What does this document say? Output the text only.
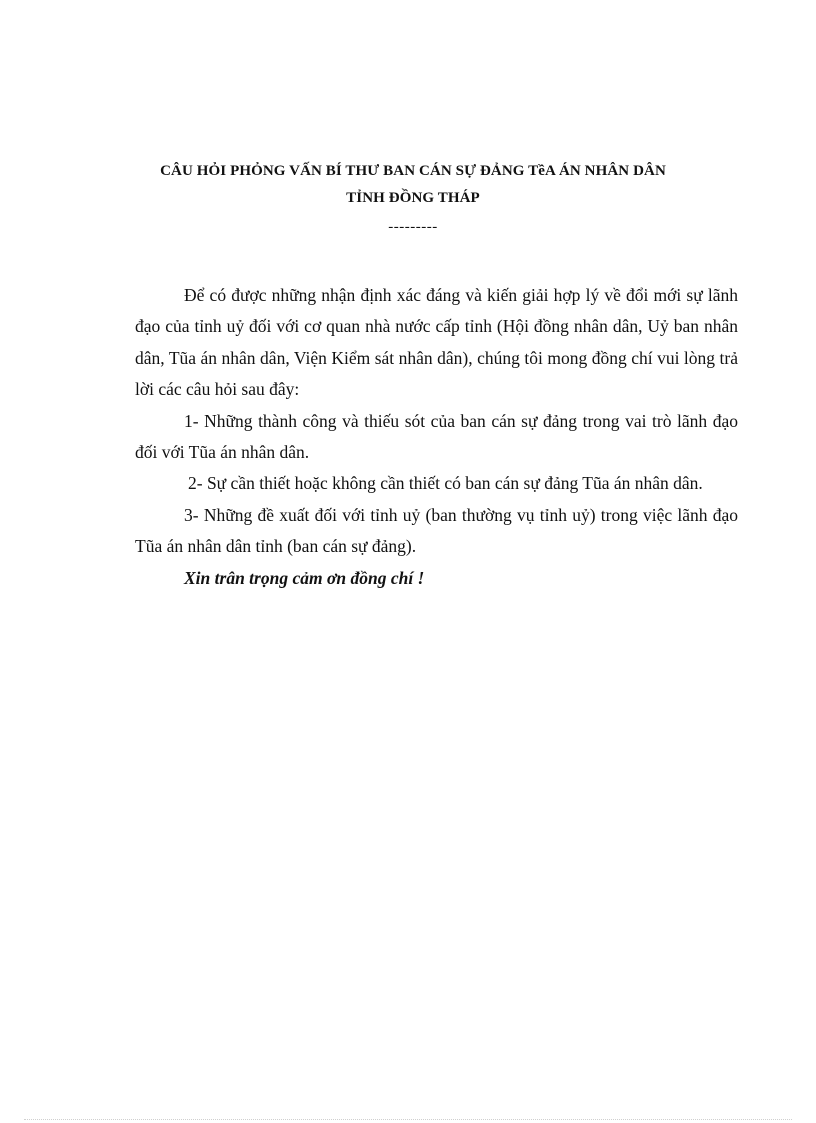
CÂU HỎI PHỎNG VẤN BÍ THƯ BAN CÁN SỰ ĐẢNG TềA ÁN NHÂN DÂN
TỈNH ĐỒNG THÁP
---------

Để có được những nhận định xác đáng và kiến giải hợp lý về đổi mới sự lãnh đạo của tỉnh uỷ đối với cơ quan nhà nước cấp tỉnh (Hội đồng nhân dân, Uỷ ban nhân dân, Tũa án nhân dân, Viện Kiểm sát nhân dân), chúng tôi mong đồng chí vui lòng trả lời các câu hỏi sau đây:

1- Những thành công và thiếu sót của ban cán sự đảng trong vai trò lãnh đạo đối với Tũa án nhân dân.

2- Sự cần thiết hoặc không cần thiết có ban cán sự đảng Tũa án nhân dân.

3- Những đề xuất đối với tỉnh uỷ (ban thường vụ tỉnh uỷ) trong việc lãnh đạo Tũa án nhân dân tỉnh (ban cán sự đảng).

Xin trân trọng cảm ơn đồng chí !
